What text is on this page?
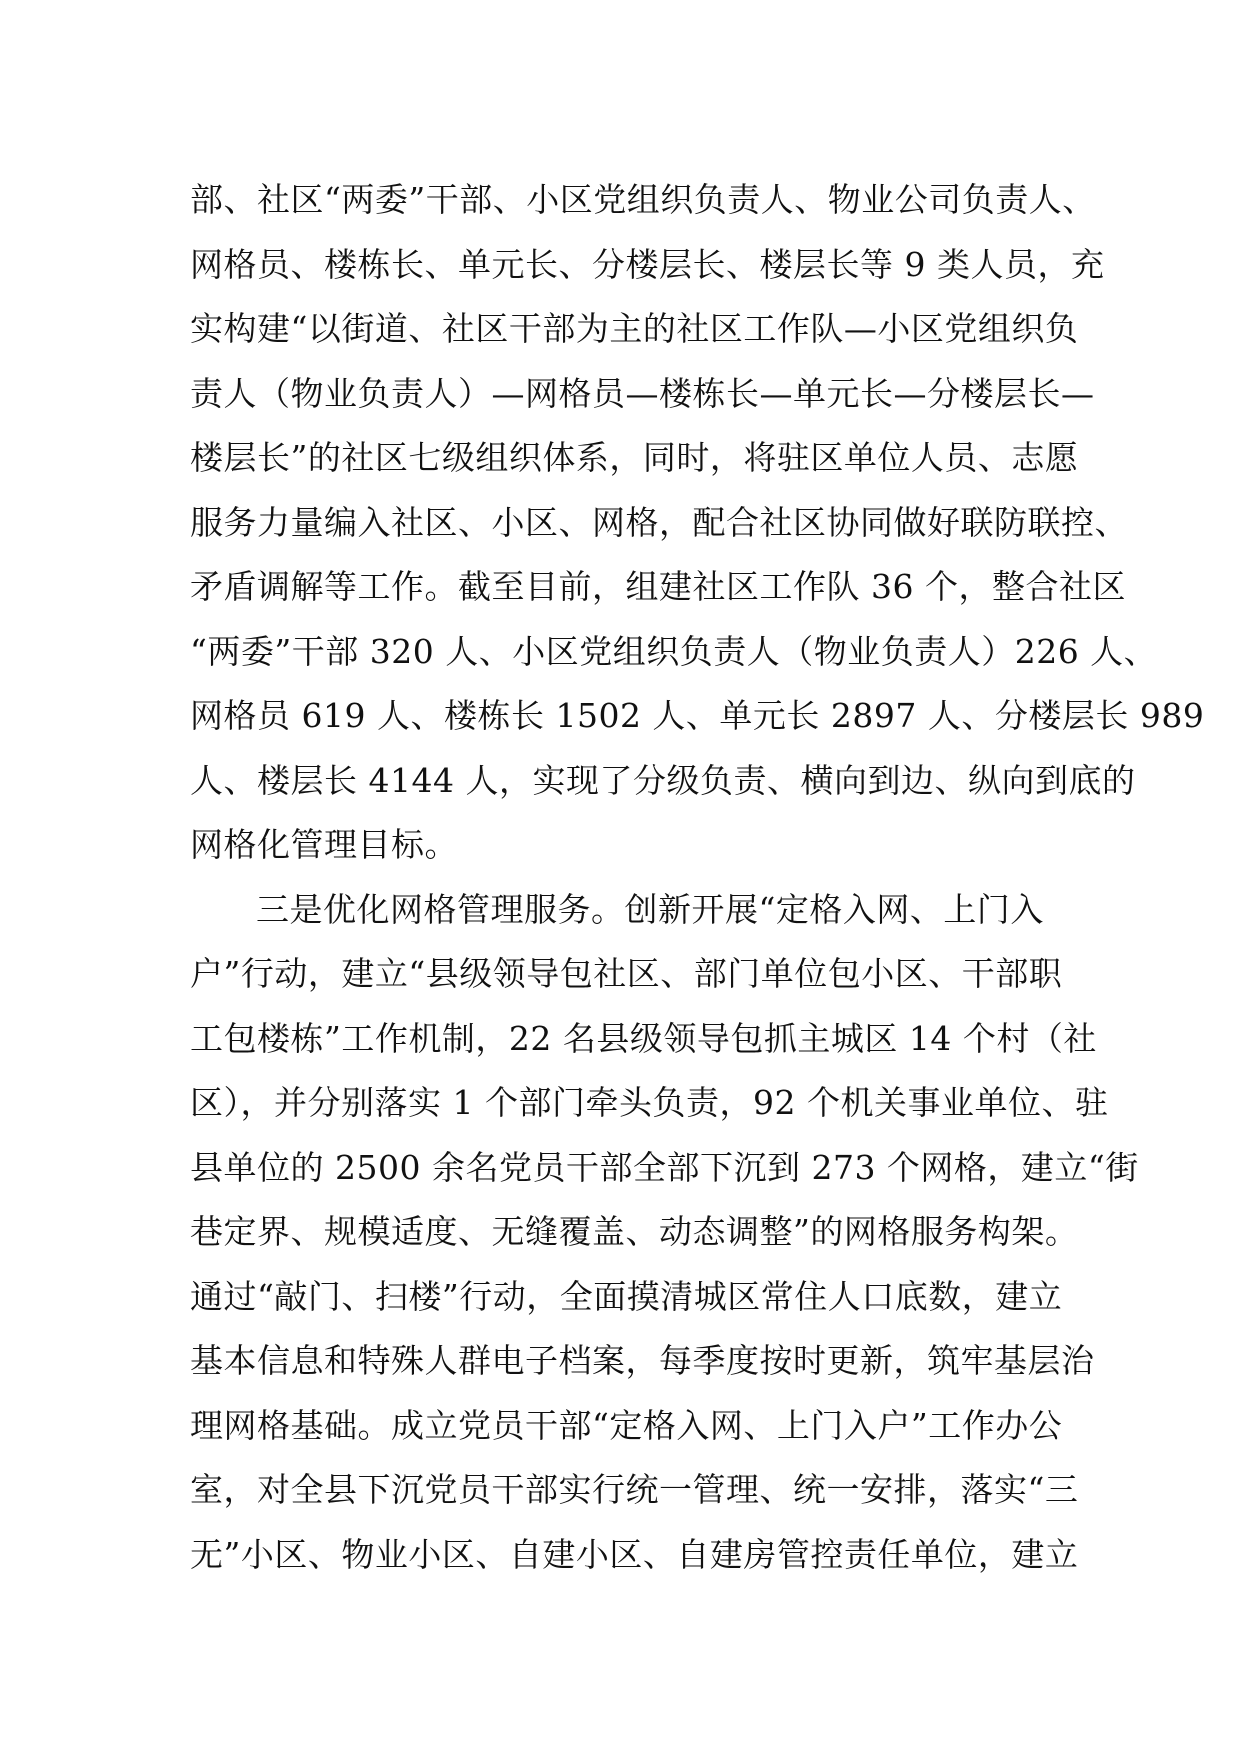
部、社区“两委”干部、小区党组织负责人、物业公司负责人、
网格员、楼栋长、单元长、分楼层长、楼层长等 9 类人员，充
实构建“以街道、社区干部为主的社区工作队—小区党组织负
责人（物业负责人）—网格员—楼栋长—单元长—分楼层长—
楼层长”的社区七级组织体系，同时，将驻区单位人员、志愿
服务力量编入社区、小区、网格，配合社区协同做好联防联控、
矛盾调解等工作。截至目前，组建社区工作队 36 个，整合社区
“两委”干部 320 人、小区党组织负责人（物业负责人）226 人、
网格员 619 人、楼栋长 1502 人、单元长 2897 人、分楼层长 989
人、楼层长 4144 人，实现了分级负责、横向到边、纵向到底的
网格化管理目标。
三是优化网格管理服务。创新开展“定格入网、上门入
户”行动，建立“县级领导包社区、部门单位包小区、干部职
工包楼栋”工作机制，22 名县级领导包抓主城区 14 个村（社
区），并分别落实 1 个部门牵头负责，92 个机关事业单位、驻
县单位的 2500 余名党员干部全部下沉到 273 个网格，建立“街
巷定界、规模适度、无缝覆盖、动态调整”的网格服务构架。
通过“敲门、扫楼”行动，全面摸清城区常住人口底数，建立
基本信息和特殊人群电子档案，每季度按时更新，筑牢基层治
理网格基础。成立党员干部“定格入网、上门入户”工作办公
室，对全县下沉党员干部实行统一管理、统一安排，落实“三
无”小区、物业小区、自建小区、自建房管控责任单位，建立
